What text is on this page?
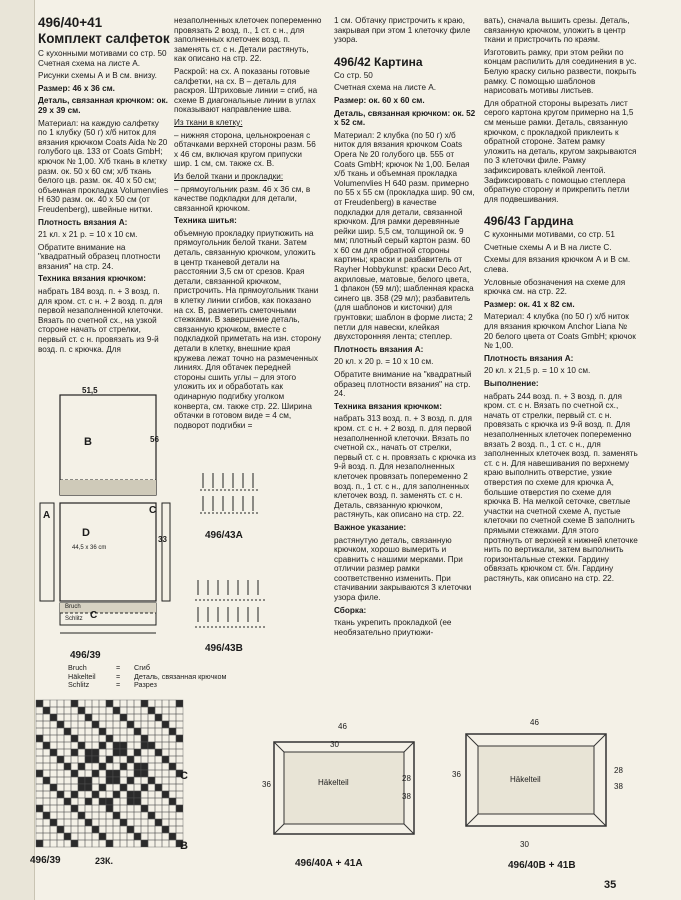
496/40+41
Комплект салфеток

С кухонными мотивами со стр. 50

Счетная схема на листе А.

Рисунки схемы А и В см. внизу.

Размер: 46 x 36 см.

Деталь, связанная крючком: ок. 29 x 39 см.

Материал: на каждую салфетку по 1 клубку (50 г) x/б ниток для вязания крючком Coats Aida № 20 голубого цв. 133 от Coats GmbH; крючок № 1,00. Х/б ткань в клетку разм. ок. 50 x 60 см; х/б ткань белого цв. разм. ок. 40 x 50 см; объемная прокладка Volumenvlies H 630 разм. ок. 40 x 50 см (от Freudenberg), швейные нитки.

Плотность вязания А:

21 кл. x 21 р. = 10 x 10 см.

Обратите внимание на "квадратный образец плотности вязания" на стр. 24.

Техника вязания крючком:

набрать 184 возд. п. + 3 возд. п. для кром. ст. с н. + 2 возд. п. для первой незаполненной клеточки. Вязать по счетной сх., на узкой стороне начать от стрелки, первый ст. с н. провязать из 9-й возд. п. с крючка. Для

незаполненных клеточек попеременно провязать 2 возд. п., 1 ст. с н., для заполненных клеточек возд. п. заменять ст. с н. Детали растянуть, как описано на стр. 22.

Раскрой: на сх. А показаны готовые салфетки, на сх. В – деталь для раскроя. Штриховые линии = сгиб, на схеме В диагональные линии в углах показывают направление шва.

Из ткани в клетку:

– нижняя сторона, цельнокроеная с обтачками верхней стороны разм. 56 x 46 см, включая кругом припуски шир. 1 см, см. также сх. В.

Из белой ткани и прокладки:

– прямоугольник разм. 46 x 36 см, в качестве подкладки для детали, связанной крючком.

Техника шитья:

объемную прокладку приутюжить на прямоугольник белой ткани. Затем деталь, связанную крючком, уложить в центр тканевой детали на расстоянии 3,5 см от срезов. Края детали, связанной крючком, пристрочить. На прямоугольник ткани в клетку линии сгибов, как показано на сх. В, разметить сметочными стежками. В завершение деталь, связанную крючком, вместе с подкладкой приметать на изн. сторону детали в клетку, внешние края кружева лежат точно на размеченных линиях. Для обтачек передней стороны сшить углы – для этого уложить их и обработать как одинарную подгибку уголком конверта, см. также стр. 22. Ширина обтачки в готовом виде = 4 см, подворот подгибки =

1 см. Обтачку пристрочить к краю, закрывая при этом 1 клеточку филе узора.

496/42 Картина

Со стр. 50

Счетная схема на листе А.

Размер: ок. 60 x 60 см.

Деталь, связанная крючком: ок. 52 x 52 см.

Материал: 2 клубка (по 50 г) х/б ниток для вязания крючком Coats Opera № 20 голубого цв. 555 от Coats GmbH; крючок № 1,00. Белая х/б ткань и объемная прокладка Volumenvlies H 640 разм. примерно по 55 x 55 см (прокладка шир. 90 см, от Freudenberg) в качестве подкладки для детали, связанной крючком. Для рамки деревянные рейки шир. 5,5 см, толщиной ок. 9 мм; плотный серый картон разм. 60 x 60 см для обратной стороны картины; краски и разбавитель от Rayher Hobbykunst: краски Deco Art, акриловые, матовые, белого цвета, 1 флакон (59 мл); шабленная краска синего цв. 358 (29 мл); разбавитель (для шаблонов и кисточки) для грунтовки; шаблон в форме листа; 2 петли для навески, клейкая двухсторонняя лента; степлер.

Плотность вязания А:

20 кл. x 20 р. = 10 x 10 см.

Обратите внимание на "квадратный образец плотности вязания" на стр. 24.

Техника вязания крючком:

набрать 313 возд. п. + 3 возд. п. для кром. ст. с н. + 2 возд. п. для первой незаполненной клеточки. Вязать по счетной сх., начать от стрелки, первый ст. с н. провязать с крючка из 9-й возд. п. Для незаполненных клеточек провязать попеременно 2 возд. п., 1 ст. с н., для заполненных клеточек возд. п. заменять ст. с н. Деталь, связанную крючком, растянуть, как описано на стр. 22.

Важное указание:

растянутую деталь, связанную крючком, хорошо вымерить и сравнить с нашими мерками. При отличии размер рамки соответственно изменить. При стачивании закрываются 3 клеточки узора филе.

Сборка:

ткань укрепить прокладкой (ее необязательно приутюжи-

вать), сначала вышить срезы. Деталь, связанную крючком, уложить в центр ткани и пристрочить по краям.

Изготовить рамку, при этом рейки по концам распилить для соединения в ус. Белую краску сильно развести, покрыть рамку. С помощью шаблонов нарисовать мотивы листьев.

Для обратной стороны вырезать лист серого картона кругом примерно на 1,5 см меньше рамки. Деталь, связанную крючком, с прокладкой приклеить к обратной стороне. Затем рамку уложить на деталь, кругом закрываются по 3 клеточки филе. Рамку зафиксировать клейкой лентой. Зафиксировать с помощью степлера обратную сторону и прикрепить петли для подвешивания.

496/43 Гардина

С кухонными мотивами, со стр. 51

Счетные схемы А и В на листе С.

Схемы для вязания крючком А и В см. слева.

Условные обозначения на схеме для крючка см. на стр. 22.

Размер: ок. 41 x 82 см.

Материал: 4 клубка (по 50 г) х/б ниток для вязания крючком Anchor Liana № 20 белого цвета от Coats GmbH; крючок № 1,00.

Плотность вязания А:

20 кл. x 21,5 р. = 10 x 10 см.

Выполнение:

набрать 244 возд. п. + 3 возд. п. для кром. ст. с н. Вязать по счетной сх., начать от стрелки, первый ст. с н. провязать с крючка из 9-й возд. п. Для незаполненных клеточек попеременно вязать 2 возд. п., 1 ст. с н., для заполненных клеточек возд. п. заменять ст. с н. Для навешивания по верхнему краю выполнить отверстие, узкие отверстия по схеме для крючка А, большие отверстия по схеме для крючка В. На мелкой сеточке, светлые участки на счетной схеме А, пустые клеточки по счетной схеме В заполнить прямыми стежками. Для этого протянуть от верхней к нижней клеточке нить по вертикали, затем выполнить горизонтальные стежки. Гардину обвязать крючком ст. б/н. Гардину растянуть, как описано на стр. 22.

51,5
B	56
A
D
44,5 x 36 cm
C
33
C
Bruch
Schlitz
496/39
Bruch	=	Сгиб
Häkelteil	=	Деталь, связанная крючком
Schlitz	=	Разрез
496/43А
496/43В
C
B
496/39	23К.
46
30
36
28
38
Häkelteil
496/40А + 41А
46
36	28
38
30
Häkelteil
496/40В + 41В
35
